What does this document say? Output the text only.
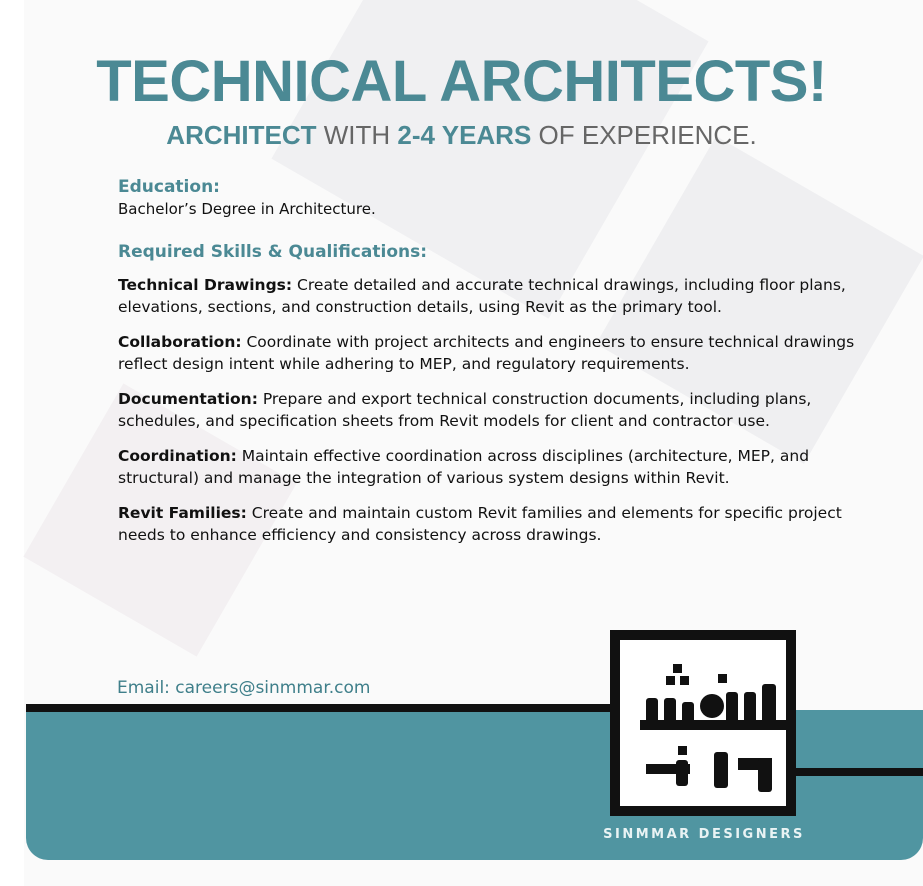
TECHNICAL ARCHITECTS!
ARCHITECT WITH 2-4 YEARS OF EXPERIENCE.
Education:
Bachelor’s Degree in Architecture.
Required Skills & Qualifications:

Technical Drawings: Create detailed and accurate technical drawings, including floor plans, elevations, sections, and construction details, using Revit as the primary tool.

Collaboration: Coordinate with project architects and engineers to ensure technical drawings reflect design intent while adhering to MEP, and regulatory requirements.

Documentation: Prepare and export technical construction documents, including plans, schedules, and specification sheets from Revit models for client and contractor use.

Coordination: Maintain effective coordination across disciplines (architecture, MEP, and structural) and manage the integration of various system designs within Revit.

Revit Families: Create and maintain custom Revit families and elements for specific project needs to enhance efficiency and consistency across drawings.

Email: careers@sinmmar.com
SINMMAR DESIGNERS
